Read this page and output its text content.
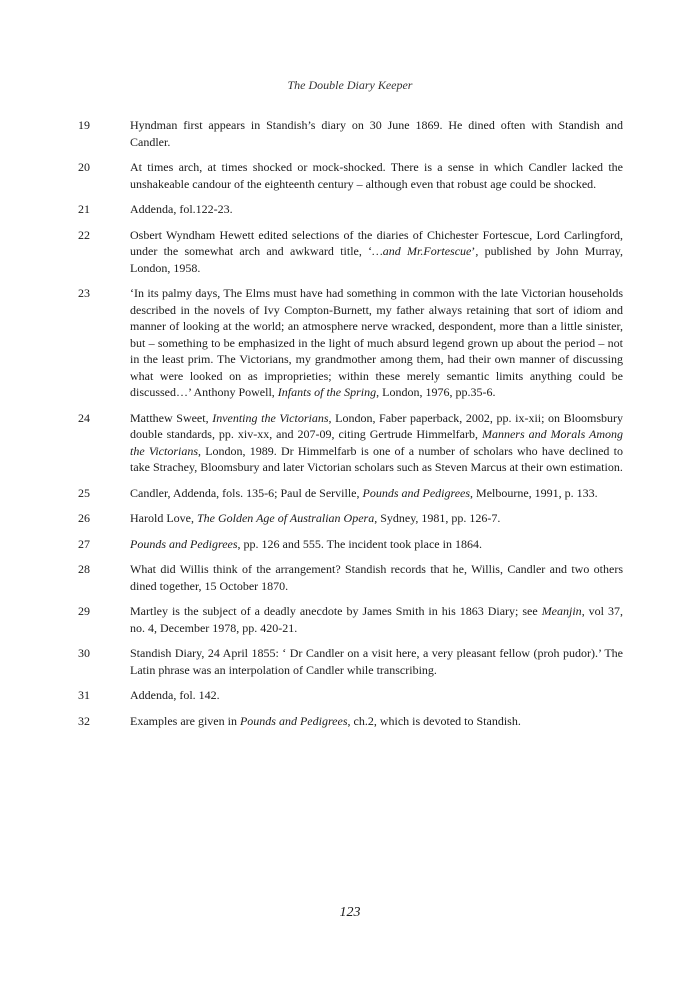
The Double Diary Keeper
19	Hyndman first appears in Standish’s diary on 30 June 1869. He dined often with Standish and Candler.
20	At times arch, at times shocked or mock-shocked. There is a sense in which Candler lacked the unshakeable candour of the eighteenth century – although even that robust age could be shocked.
21	Addenda, fol.122-23.
22	Osbert Wyndham Hewett edited selections of the diaries of Chichester Fortescue, Lord Carlingford, under the somewhat arch and awkward title, ‘…and Mr.Fortescue’, published by John Murray, London, 1958.
23	‘In its palmy days, The Elms must have had something in common with the late Victorian households described in the novels of Ivy Compton-Burnett, my father always retaining that sort of idiom and manner of looking at the world; an atmosphere nerve wracked, despondent, more than a little sinister, but – something to be emphasized in the light of much absurd legend grown up about the period – not in the least prim. The Victorians, my grandmother among them, had their own manner of discussing what were looked on as improprieties; within these merely semantic limits anything could be discussed…’ Anthony Powell, Infants of the Spring, London, 1976, pp.35-6.
24	Matthew Sweet, Inventing the Victorians, London, Faber paperback, 2002, pp. ix-xii; on Bloomsbury double standards, pp. xiv-xx, and 207-09, citing Gertrude Himmelfarb, Manners and Morals Among the Victorians, London, 1989. Dr Himmelfarb is one of a number of scholars who have declined to take Strachey, Bloomsbury and later Victorian scholars such as Steven Marcus at their own estimation.
25	Candler, Addenda, fols. 135-6; Paul de Serville, Pounds and Pedigrees, Melbourne, 1991, p. 133.
26	Harold Love, The Golden Age of Australian Opera, Sydney, 1981, pp. 126-7.
27	Pounds and Pedigrees, pp. 126 and 555. The incident took place in 1864.
28	What did Willis think of the arrangement? Standish records that he, Willis, Candler and two others dined together, 15 October 1870.
29	Martley is the subject of a deadly anecdote by James Smith in his 1863 Diary; see Meanjin, vol 37, no. 4, December 1978, pp. 420-21.
30	Standish Diary, 24 April 1855: ‘ Dr Candler on a visit here, a very pleasant fellow (proh pudor).’ The Latin phrase was an interpolation of Candler while transcribing.
31	Addenda, fol. 142.
32	Examples are given in Pounds and Pedigrees, ch.2, which is devoted to Standish.
123
